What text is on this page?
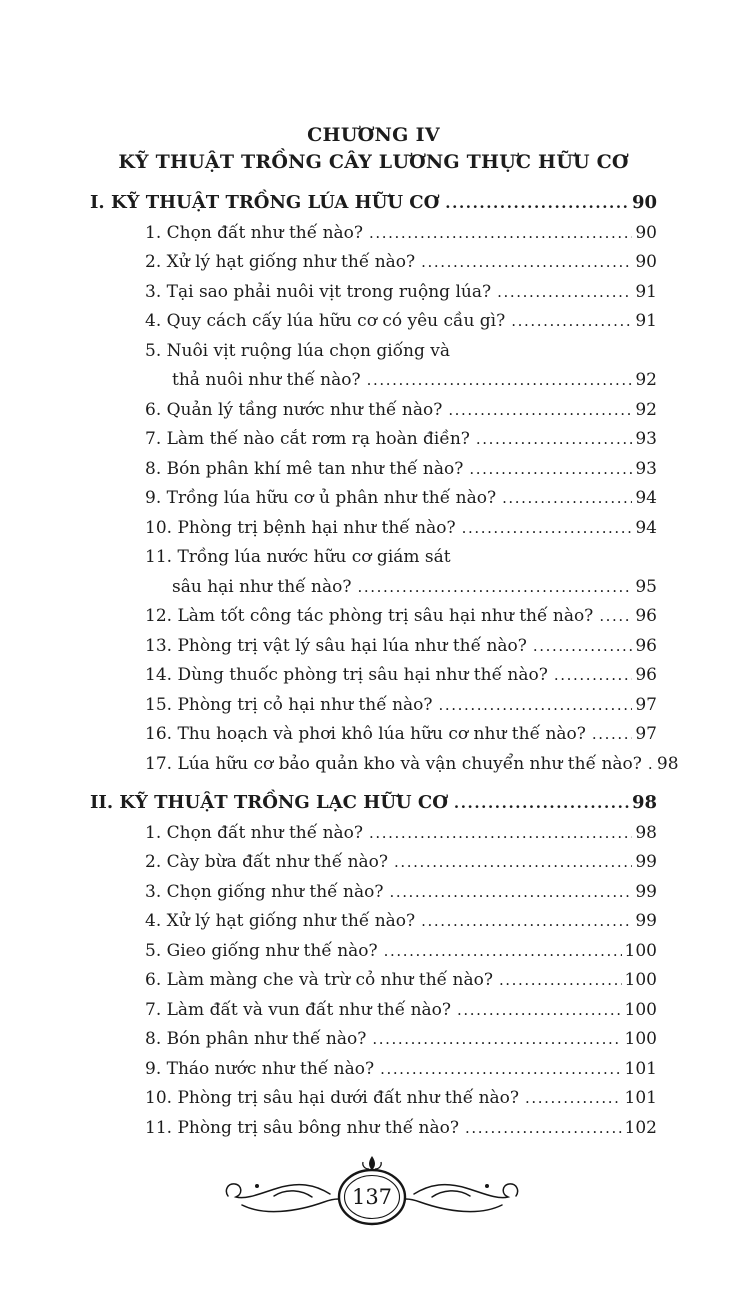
CHƯƠNG IV
KỸ THUẬT TRỒNG CÂY LƯƠNG THỰC HỮU CƠ
I. KỸ THUẬT TRỒNG LÚA HỮU CƠ .....	90
1. Chọn đất như thế nào? .....	90
2. Xử lý hạt giống như thế nào? .....	90
3. Tại sao phải nuôi vịt trong ruộng lúa? .....	91
4. Quy cách cấy lúa hữu cơ có yêu cầu gì? .....	91
5. Nuôi vịt ruộng lúa chọn giống và
thả nuôi như thế nào? .....	92
6. Quản lý tầng nước như thế nào? .....	92
7. Làm thế nào cắt rơm rạ hoàn điền? .....	93
8. Bón phân khí mê tan như thế nào? .....	93
9. Trồng lúa hữu cơ ủ phân như thế nào? .....	94
10. Phòng trị bệnh hại như thế nào? .....	94
11. Trồng lúa nước hữu cơ giám sát
sâu hại như thế nào? .....	95
12. Làm tốt công tác phòng trị sâu hại như thế nào? ..... 96
13. Phòng trị vật lý sâu hại lúa như thế nào? .....	96
14. Dùng thuốc phòng trị sâu hại như thế nào? .....	96
15. Phòng trị cỏ hại như thế nào? .....	97
16. Thu hoạch và phơi khô lúa hữu cơ như thế nào? .....	97
17. Lúa hữu cơ bảo quản kho và vận chuyển như thế nào? ..... 98
II. KỸ THUẬT TRỒNG LẠC HỮU CƠ .....	98
1. Chọn đất như thế nào? .....	98
2. Cày bừa đất như thế nào? .....	99
3. Chọn giống như thế nào? .....	99
4. Xử lý hạt giống như thế nào? .....	99
5. Gieo giống như thế nào? .....	100
6. Làm màng che và trừ cỏ như thế nào? .....	100
7. Làm đất và vun đất như thế nào? .....	100
8. Bón phân như thế nào? .....	100
9. Tháo nước như thế nào? .....	101
10. Phòng trị sâu hại dưới đất như thế nào? .....	101
11. Phòng trị sâu bông như thế nào? .....	102
137
